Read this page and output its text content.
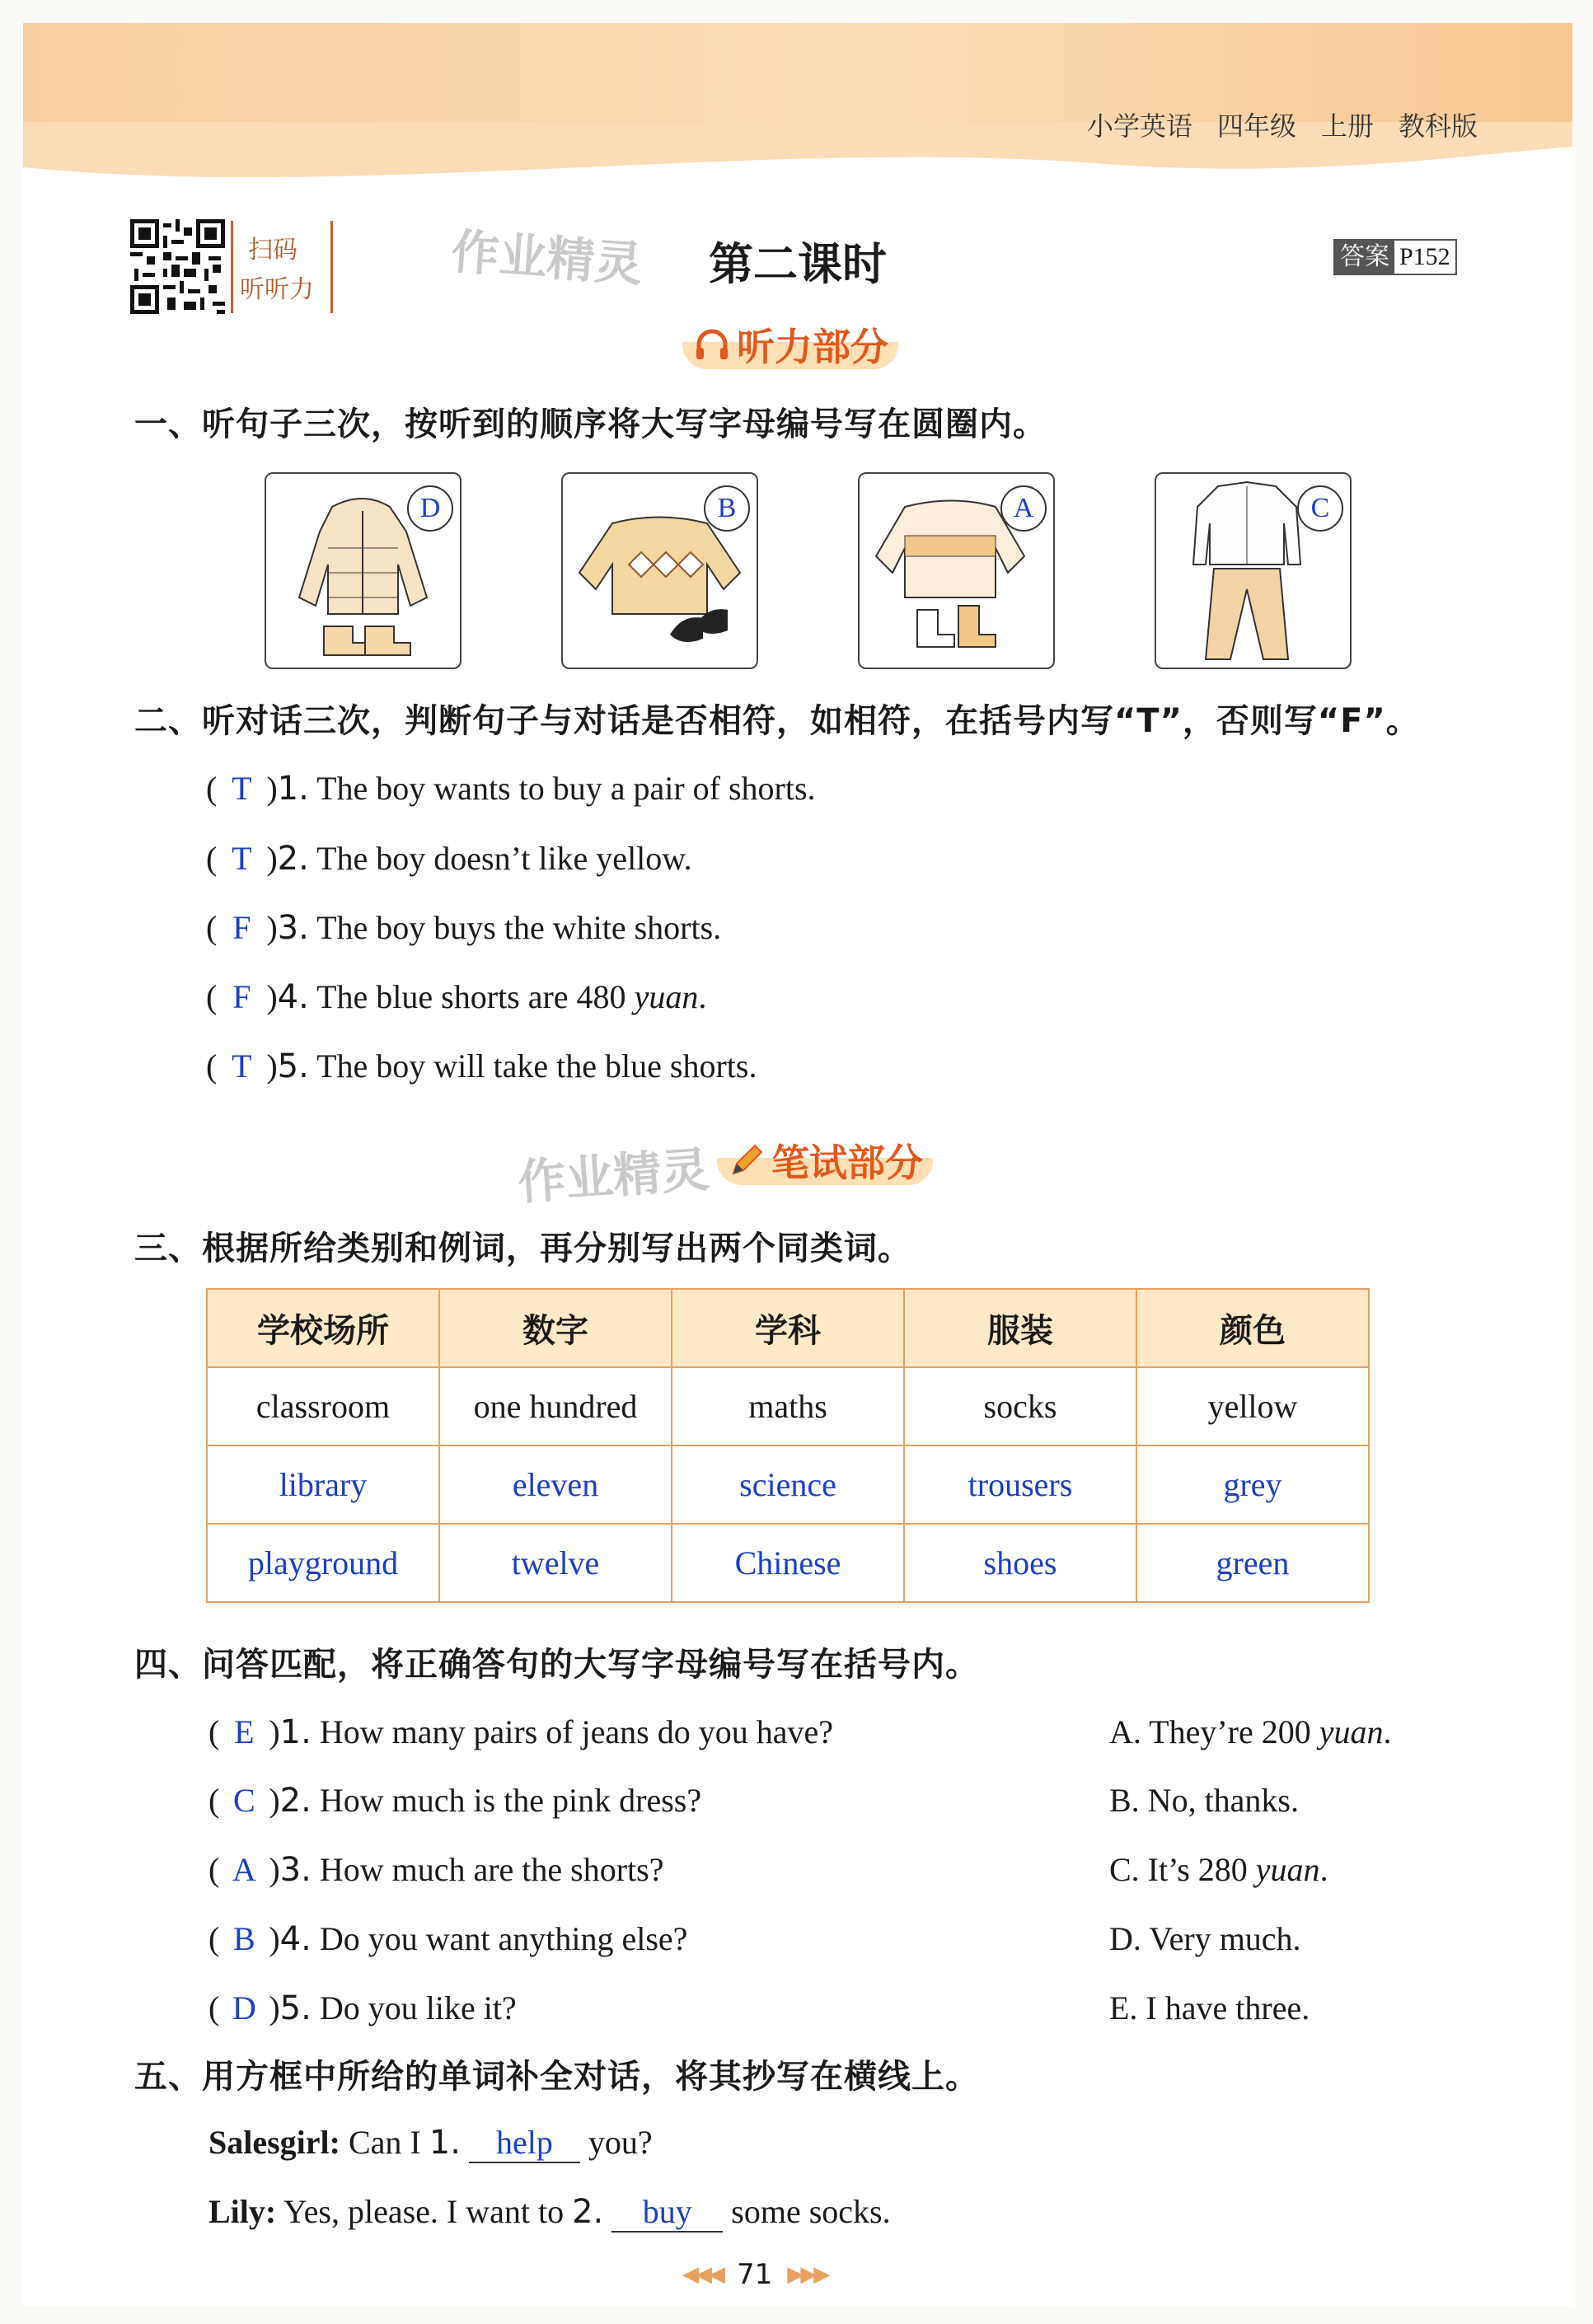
小学英语 四年级 上册 教科版
扫码
听听力	作业精灵 第二课时	答案 P152
听力部分
一、听句子三次，按听到的顺序将大写字母编号写在圆圈内。
D	B	A	C
二、听对话三次，判断句子与对话是否相符，如相符，在括号内写“T”，否则写“F”。
( T )1. The boy wants to buy a pair of shorts.
( T )2. The boy doesn’t like yellow.
( F )3. The boy buys the white shorts.
( F )4. The blue shorts are 480 yuan.
( T )5. The boy will take the blue shorts.
作业精灵 笔试部分
三、根据所给类别和例词，再分别写出两个同类词。
学校场所	数字	学科	服装	颜色
classroom	one hundred	maths	socks	yellow
library	eleven	science	trousers	grey
playground	twelve	Chinese	shoes	green
四、问答匹配，将正确答句的大写字母编号写在括号内。
( E )1. How many pairs of jeans do you have?
( C )2. How much is the pink dress?
( A )3. How much are the shorts?
( B )4. Do you want anything else?
( D )5. Do you like it?
A. They’re 200 yuan.
B. No, thanks.
C. It’s 280 yuan.
D. Very much.
E. I have three.
五、用方框中所给的单词补全对话，将其抄写在横线上。
Salesgirl: Can I 1. help you?
Lily: Yes, please. I want to 2. buy some socks.
◀◀◀ 71 ▶▶▶
